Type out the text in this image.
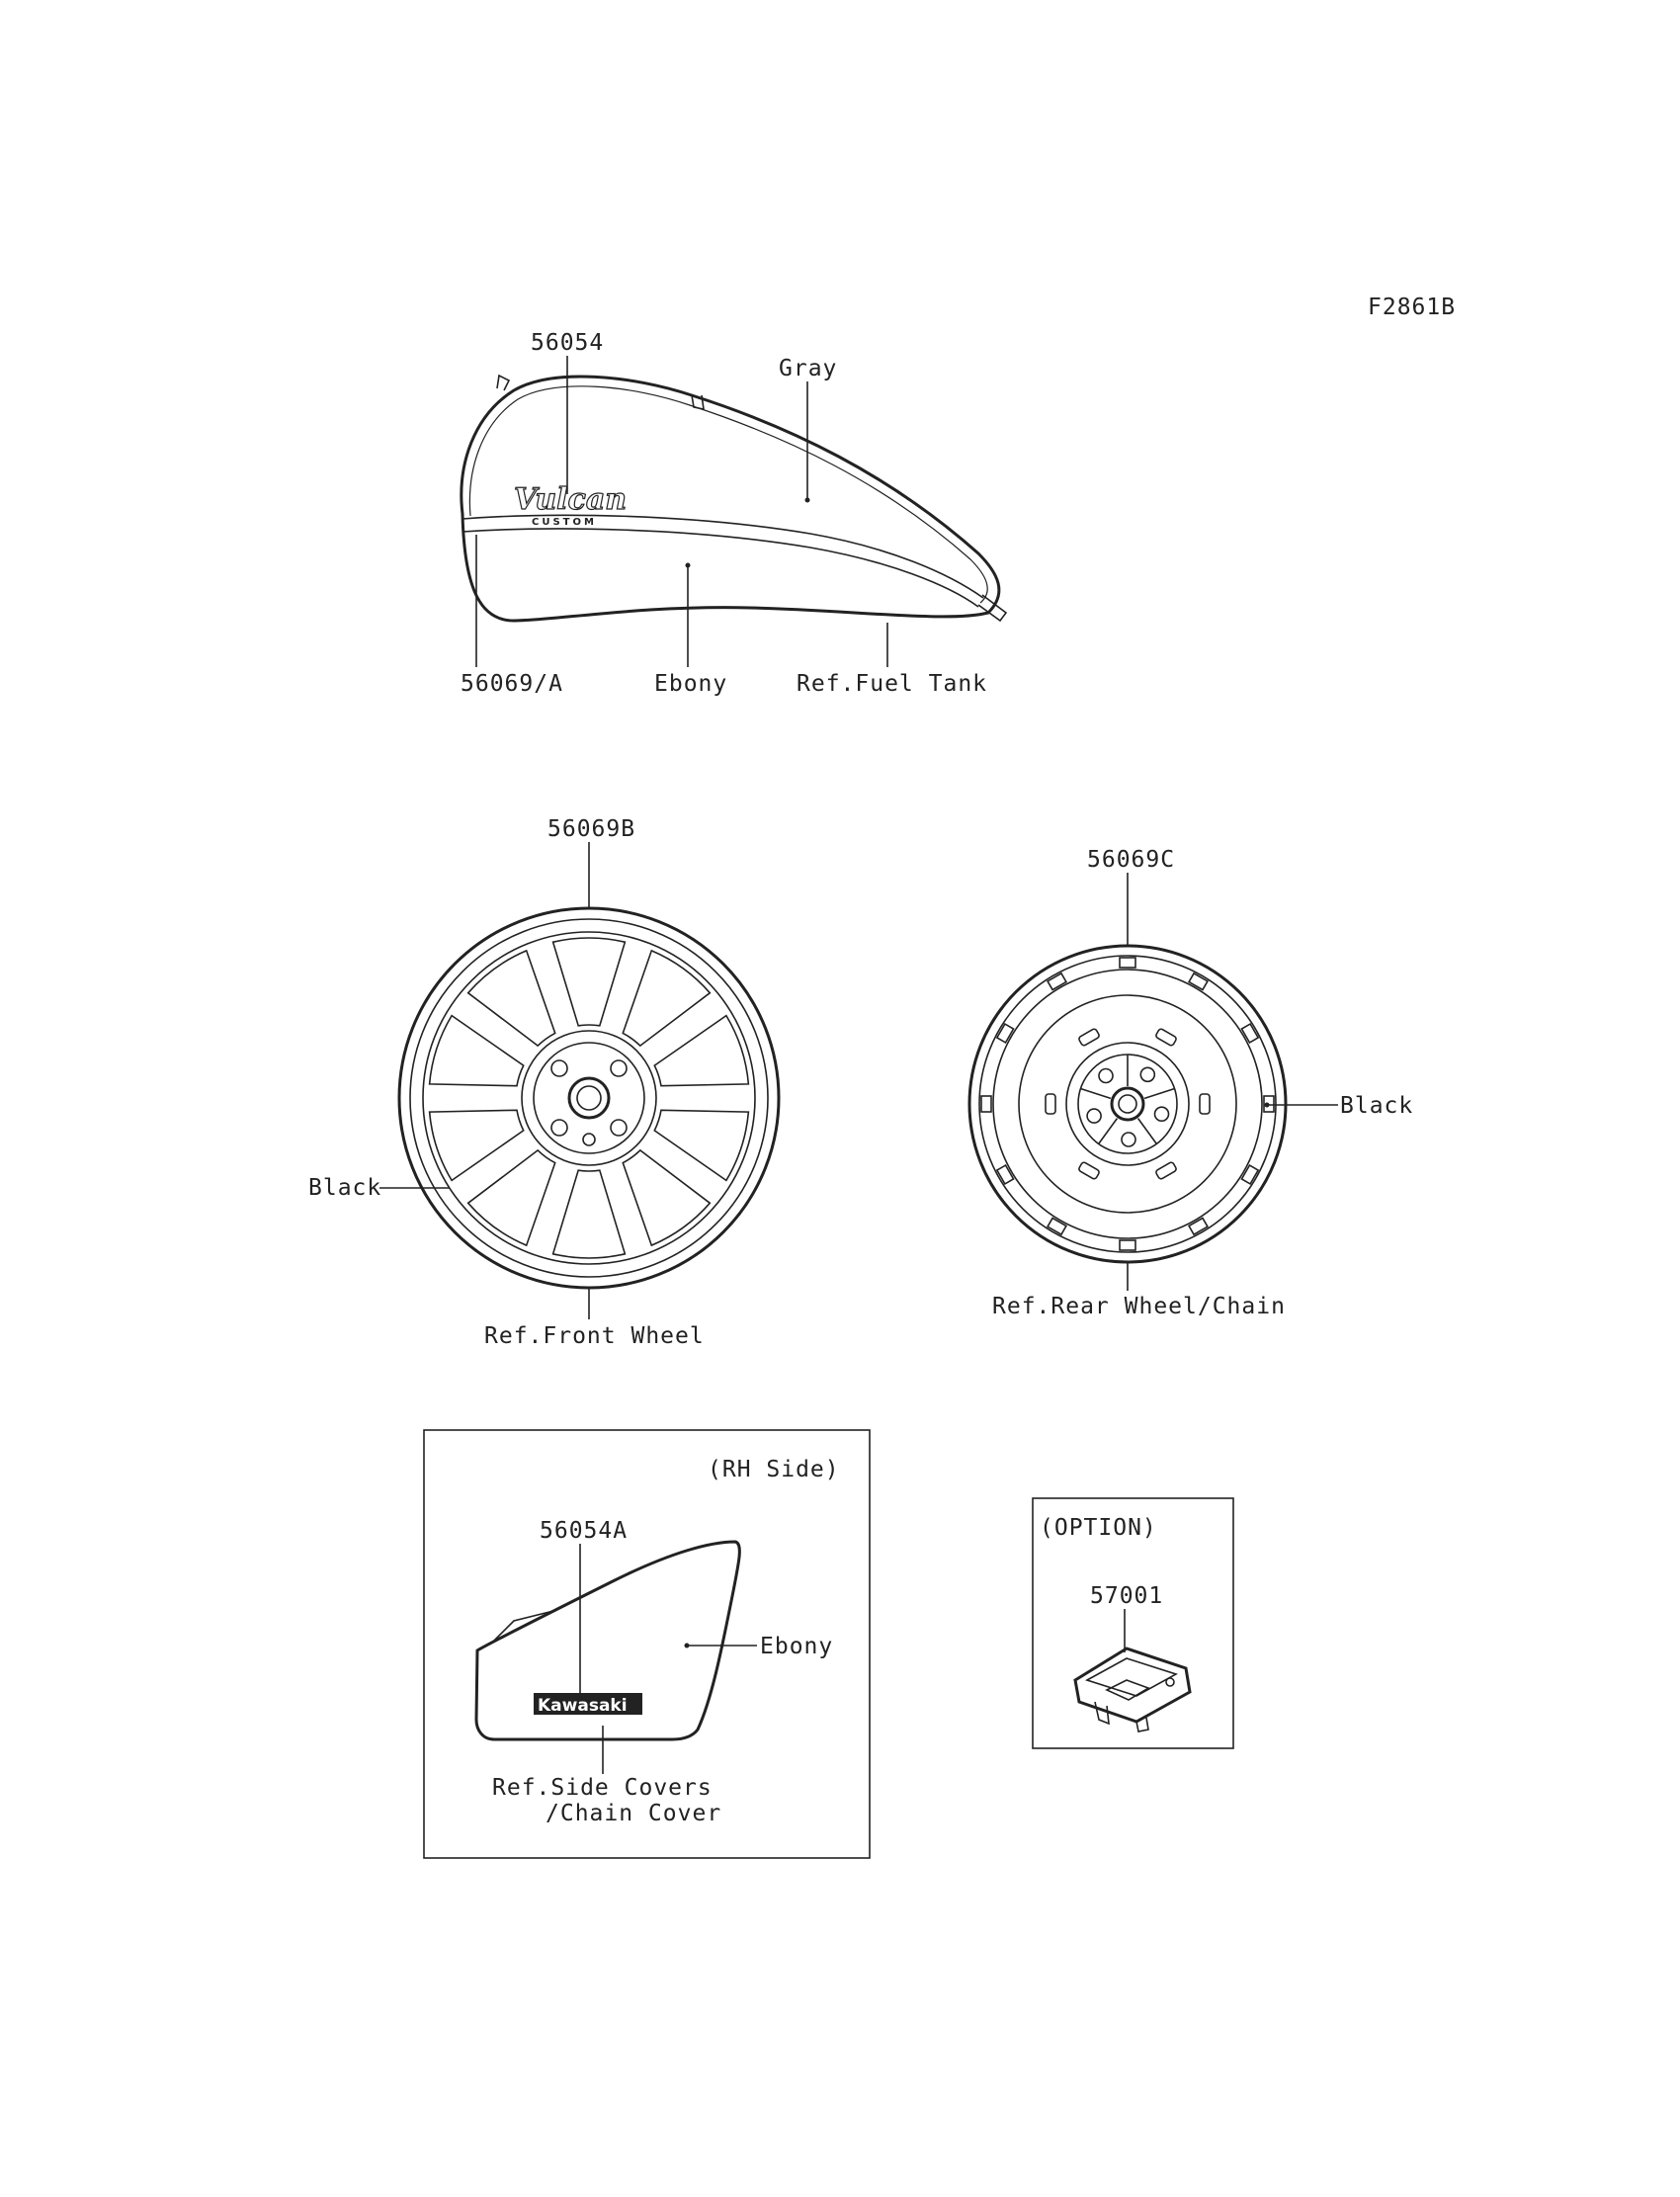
F2861B
Vulcan
CUSTOM
56054
Gray
56069/A	Ebony	Ref.Fuel Tank
56069B
Black
Ref.Front Wheel
56069C
Black
Ref.Rear Wheel/Chain
(RH Side)
Kawasaki
56054A
Ebony
Ref.Side Covers
/Chain Cover
(OPTION)
57001
